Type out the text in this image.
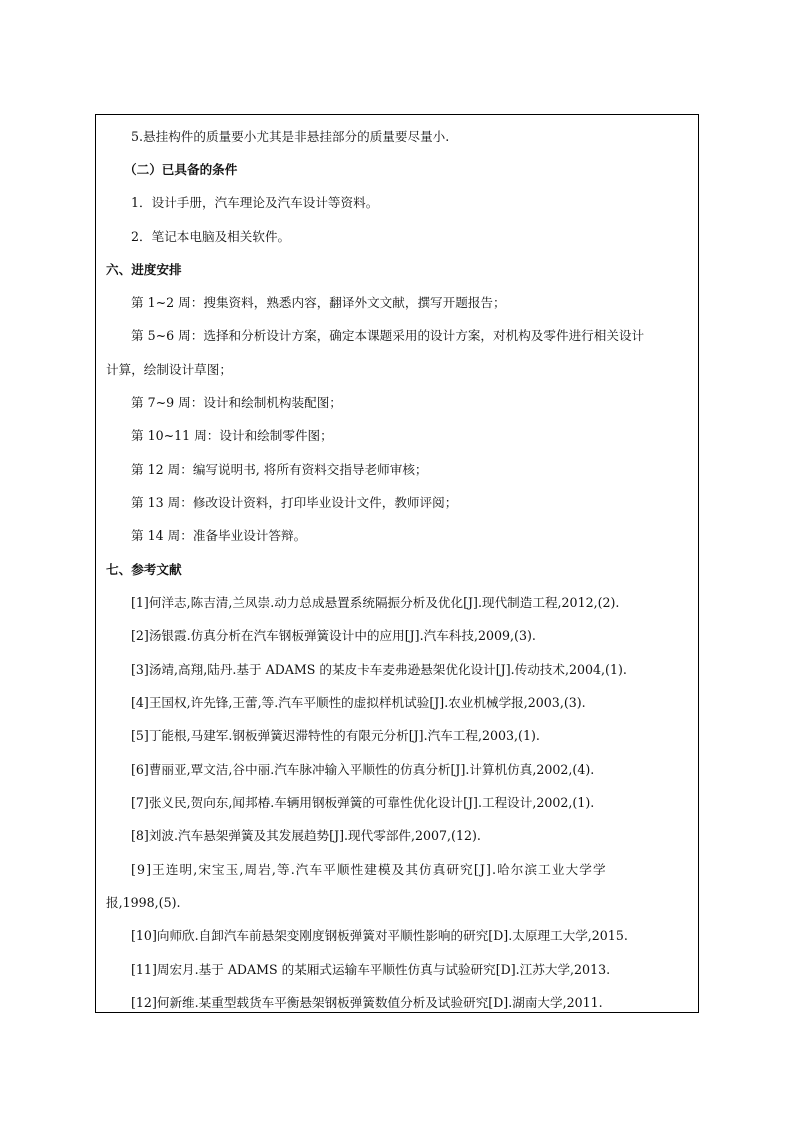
5.悬挂构件的质量要小尤其是非悬挂部分的质量要尽量小.
（二）已具备的条件
1．设计手册，汽车理论及汽车设计等资料。
2．笔记本电脑及相关软件。
六、进度安排
第 1~2 周：搜集资料，熟悉内容，翻译外文文献，撰写开题报告；
第 5~6 周：选择和分析设计方案，确定本课题采用的设计方案，对机构及零件进行相关设计
计算，绘制设计草图；
第 7~9 周：设计和绘制机构装配图；
第 10~11 周：设计和绘制零件图；
第 12 周：编写说明书, 将所有资料交指导老师审核；
第 13 周：修改设计资料，打印毕业设计文件，教师评阅；
第 14 周：准备毕业设计答辩。
七、参考文献
[1]何洋志,陈吉清,兰凤崇.动力总成悬置系统隔振分析及优化[J].现代制造工程,2012,(2).
[2]汤银霞.仿真分析在汽车钢板弹簧设计中的应用[J].汽车科技,2009,(3).
[3]汤靖,高翔,陆丹.基于 ADAMS 的某皮卡车麦弗逊悬架优化设计[J].传动技术,2004,(1).
[4]王国权,许先锋,王蕾,等.汽车平顺性的虚拟样机试验[J].农业机械学报,2003,(3).
[5]丁能根,马建军.钢板弹簧迟滞特性的有限元分析[J].汽车工程,2003,(1).
[6]曹丽亚,覃文洁,谷中丽.汽车脉冲输入平顺性的仿真分析[J].计算机仿真,2002,(4).
[7]张义民,贺向东,闻邦椿.车辆用钢板弹簧的可靠性优化设计[J].工程设计,2002,(1).
[8]刘波.汽车悬架弹簧及其发展趋势[J].现代零部件,2007,(12).
[9]王连明,宋宝玉,周岩,等.汽车平顺性建模及其仿真研究[J].哈尔滨工业大学学
报,1998,(5).
[10]向师欣.自卸汽车前悬架变刚度钢板弹簧对平顺性影响的研究[D].太原理工大学,2015.
[11]周宏月.基于 ADAMS 的某厢式运输车平顺性仿真与试验研究[D].江苏大学,2013.
[12]何新维.某重型载货车平衡悬架钢板弹簧数值分析及试验研究[D].湖南大学,2011.
